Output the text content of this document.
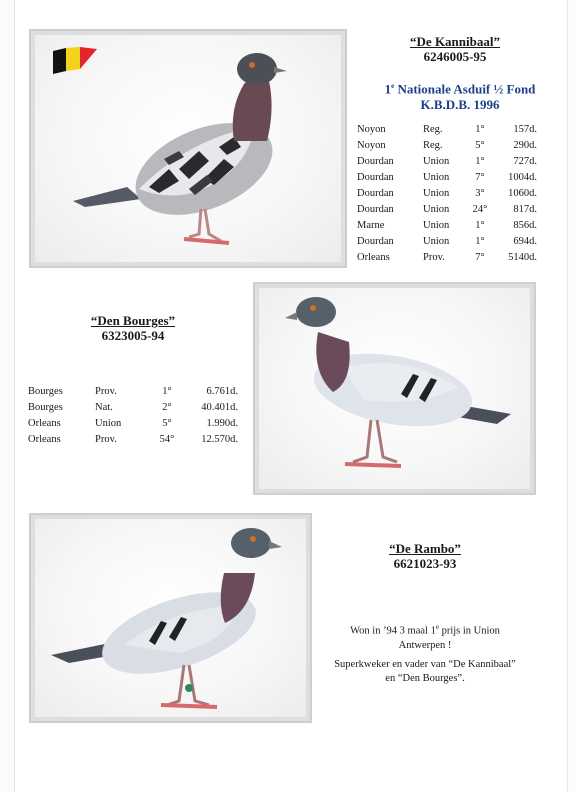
“De Kannibaal”
6246005-95
1e Nationale Asduif ½ Fond
K.B.D.B. 1996
Noyon	Reg.	1°	157d.
Noyon	Reg.	5°	290d.
Dourdan	Union	1°	727d.
Dourdan	Union	7°	1004d.
Dourdan	Union	3°	1060d.
Dourdan	Union	24°	817d.
Marne	Union	1°	856d.
Dourdan	Union	1°	694d.
Orleans	Prov.	7°	5140d.
“Den Bourges”
6323005-94
Bourges	Prov.	1°	6.761d.
Bourges	Nat.	2°	40.401d.
Orleans	Union	5°	1.990d.
Orleans	Prov.	54°	12.570d.
“De Rambo”
6621023-93
Won in ’94 3 maal 1e prijs in Union
Antwerpen !
Superkweker en vader van “De Kannibaal”
en “Den Bourges”.
